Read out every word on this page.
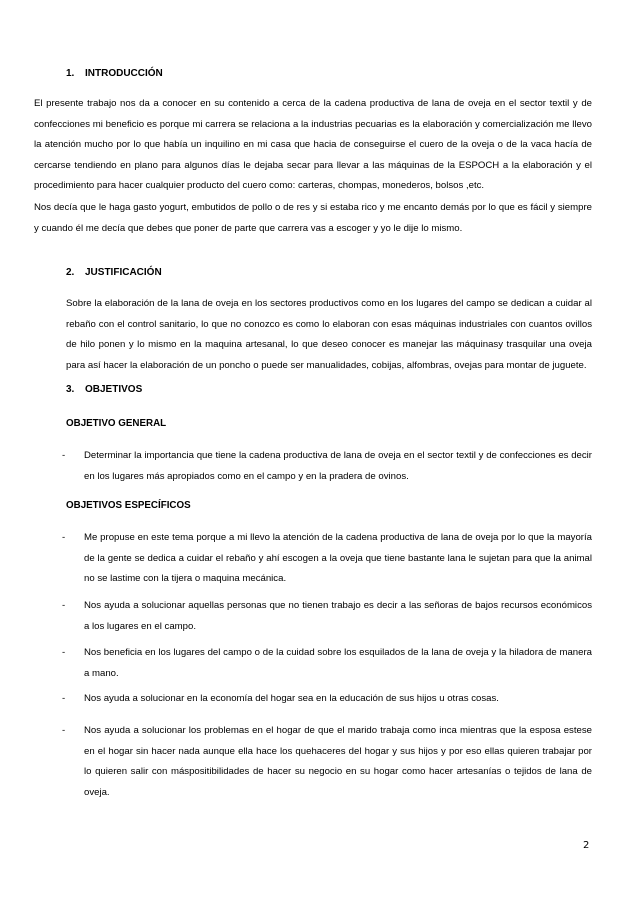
1. INTRODUCCIÓN

El presente trabajo nos da a conocer en su contenido a cerca de la cadena productiva de lana de oveja en el sector textil y de confecciones mi beneficio es porque mi carrera se relaciona a la industrias pecuarias es la elaboración y comercialización me llevo la atención mucho por lo que había un inquilino en mi casa que hacia de conseguirse el cuero de la oveja o de la vaca hacía de cercarse tendiendo en plano para algunos días le dejaba secar para llevar a las máquinas de la ESPOCH a la elaboración y el procedimiento para hacer cualquier producto del cuero como: carteras, chompas, monederos, bolsos ,etc.

Nos decía que le haga gasto yogurt, embutidos de pollo o de res y si estaba rico y me encanto demás por lo que es fácil y siempre y cuando él me decía que debes que poner de parte que carrera vas a escoger y yo le dije lo mismo.

2. JUSTIFICACIÓN

Sobre la elaboración de la lana de oveja en los sectores productivos como en los lugares del campo se dedican a cuidar al rebaño con el control sanitario, lo que no conozco es como lo elaboran con esas máquinas industriales con cuantos ovillos de hilo ponen y lo mismo en la maquina artesanal, lo que deseo conocer es manejar las máquinasy trasquilar una oveja para así hacer la elaboración de un poncho o puede ser manualidades, cobijas, alfombras, ovejas para montar de juguete.

3. OBJETIVOS
OBJETIVO GENERAL
- Determinar la importancia que tiene la cadena productiva de lana de oveja en el sector textil y de confecciones es decir en los lugares más apropiados como en el campo y en la pradera de ovinos.

OBJETIVOS ESPECÍFICOS
- Me propuse en este tema porque a mi llevo la atención de la cadena productiva de lana de oveja por lo que la mayoría de la gente se dedica a cuidar el rebaño y ahí escogen a la oveja que tiene bastante lana le sujetan para que la animal no se lastime con la tijera o maquina mecánica.

- Nos ayuda a solucionar aquellas personas que no tienen trabajo es decir a las señoras de bajos recursos económicos a los lugares en el campo.

- Nos beneficia en los lugares del campo o de la cuidad sobre los esquilados de la lana de oveja y la hiladora de manera a mano.

- Nos ayuda a solucionar en la economía del hogar sea en la educación de sus hijos u otras cosas.

- Nos ayuda a solucionar los problemas en el hogar de que el marido trabaja como inca mientras que la esposa estese en el hogar sin hacer nada aunque ella hace los quehaceres del hogar y sus hijos y por eso ellas quieren trabajar por lo quieren salir con máspositibilidades de hacer su negocio en su hogar como hacer artesanías o tejidos de lana de oveja.

2
